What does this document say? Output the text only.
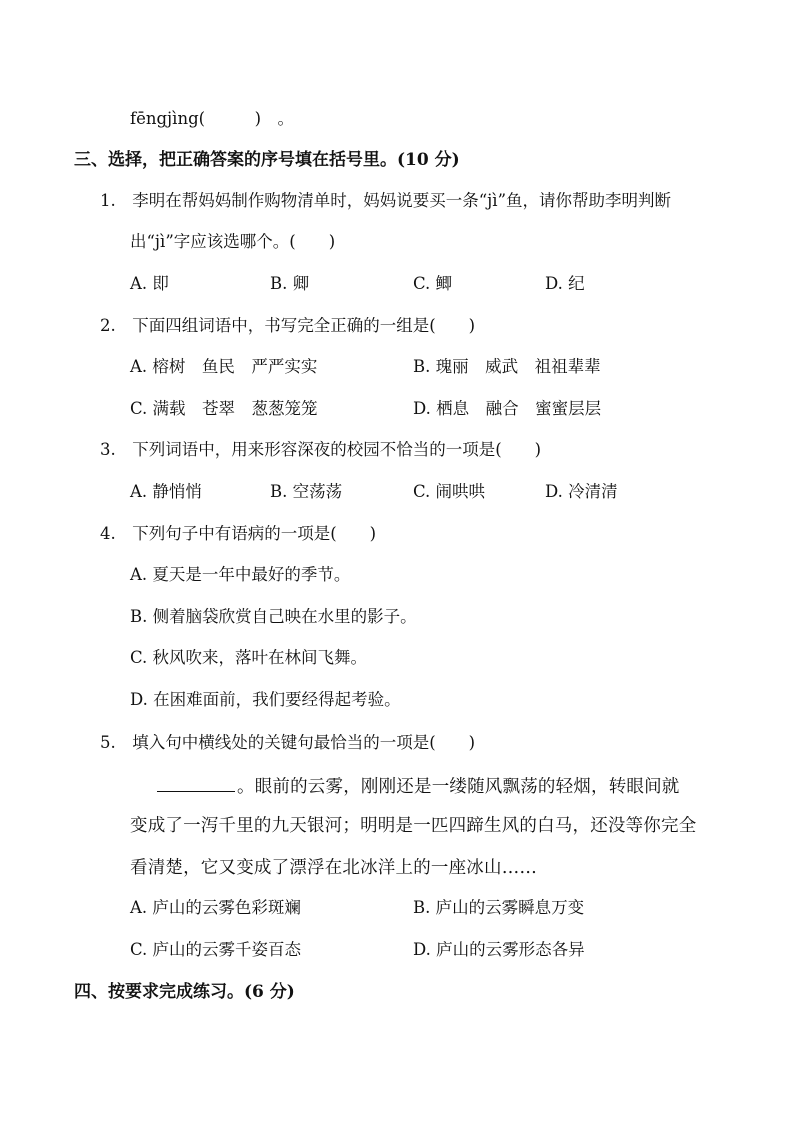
fēngjìng(　　　)　。
三、选择，把正确答案的序号填在括号里。(10 分)
1.　李明在帮妈妈制作购物清单时，妈妈说要买一条“jì”鱼，请你帮助李明判断
出“jì”字应该选哪个。(　　)
A. 即	B. 卿	C. 鲫	D. 纪
2.　下面四组词语中，书写完全正确的一组是(　　)
A. 榕树　鱼民　严严实实	B. 瑰丽　威武　祖祖辈辈
C. 满载　苍翠　葱葱笼笼	D. 栖息　融合　蜜蜜层层
3.　下列词语中，用来形容深夜的校园不恰当的一项是(　　)
A. 静悄悄	B. 空荡荡	C. 闹哄哄	D. 冷清清
4.　下列句子中有语病的一项是(　　)
A. 夏天是一年中最好的季节。
B. 侧着脑袋欣赏自己映在水里的影子。
C. 秋风吹来，落叶在林间飞舞。
D. 在困难面前，我们要经得起考验。
5.　填入句中横线处的关键句最恰当的一项是(　　)
。眼前的云雾，刚刚还是一缕随风飘荡的轻烟，转眼间就
变成了一泻千里的九天银河；明明是一匹四蹄生风的白马，还没等你完全
看清楚，它又变成了漂浮在北冰洋上的一座冰山……
A. 庐山的云雾色彩斑斓	B. 庐山的云雾瞬息万变
C. 庐山的云雾千姿百态	D. 庐山的云雾形态各异
四、按要求完成练习。(6 分)
